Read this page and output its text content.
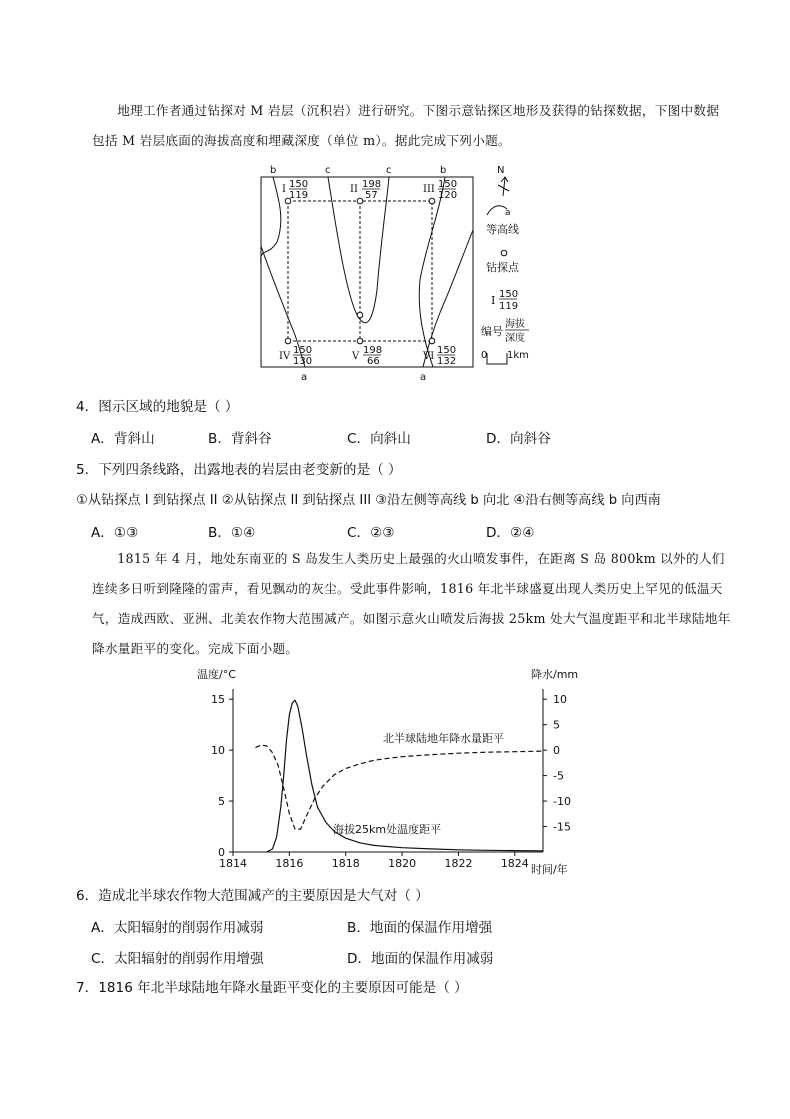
地理工作者通过钻探对 M 岩层（沉积岩）进行研究。下图示意钻探区地形及获得的钻探数据，下图中数据包括 M 岩层底面的海拔高度和埋藏深度（单位 m）。据此完成下列小题。
b	c	c	b
a	a
I 150
119
II 198
57
III 150
120
IV
150
130	V
198
66	VI
150
132
N
a
等高线
钻探点
I 150
119
编号
海拔
深度
0 1km
4．图示区域的地貌是（ ）
A．背斜山	B．背斜谷	C．向斜山	D．向斜谷
5．下列四条线路，出露地表的岩层由老变新的是（ ）
①从钻探点 I 到钻探点 II ②从钻探点 II 到钻探点 III ③沿左侧等高线 b 向北 ④沿右侧等高线 b 向西南
A．①③	B．①④	C．②③	D．②④
1815 年 4 月，地处东南亚的 S 岛发生人类历史上最强的火山喷发事件，在距离 S 岛 800km 以外的人们连续多日听到隆隆的雷声，看见飘动的灰尘。受此事件影响，1816 年北半球盛夏出现人类历史上罕见的低温天气，造成西欧、亚洲、北美农作物大范围减产。如图示意火山喷发后海拔 25km 处大气温度距平和北半球陆地年降水量距平的变化。完成下面小题。
温度/°C	降水/mm
时间/年
1814	1816	1818	1820	1822	1824
0
5
10
15	10
5
0
-5
-10
-15
北半球陆地年降水量距平
海拔25km处温度距平
6．造成北半球农作物大范围减产的主要原因是大气对（ ）
A．太阳辐射的削弱作用减弱	B．地面的保温作用增强
C．太阳辐射的削弱作用增强	D．地面的保温作用减弱
7．1816 年北半球陆地年降水量距平变化的主要原因可能是（ ）
